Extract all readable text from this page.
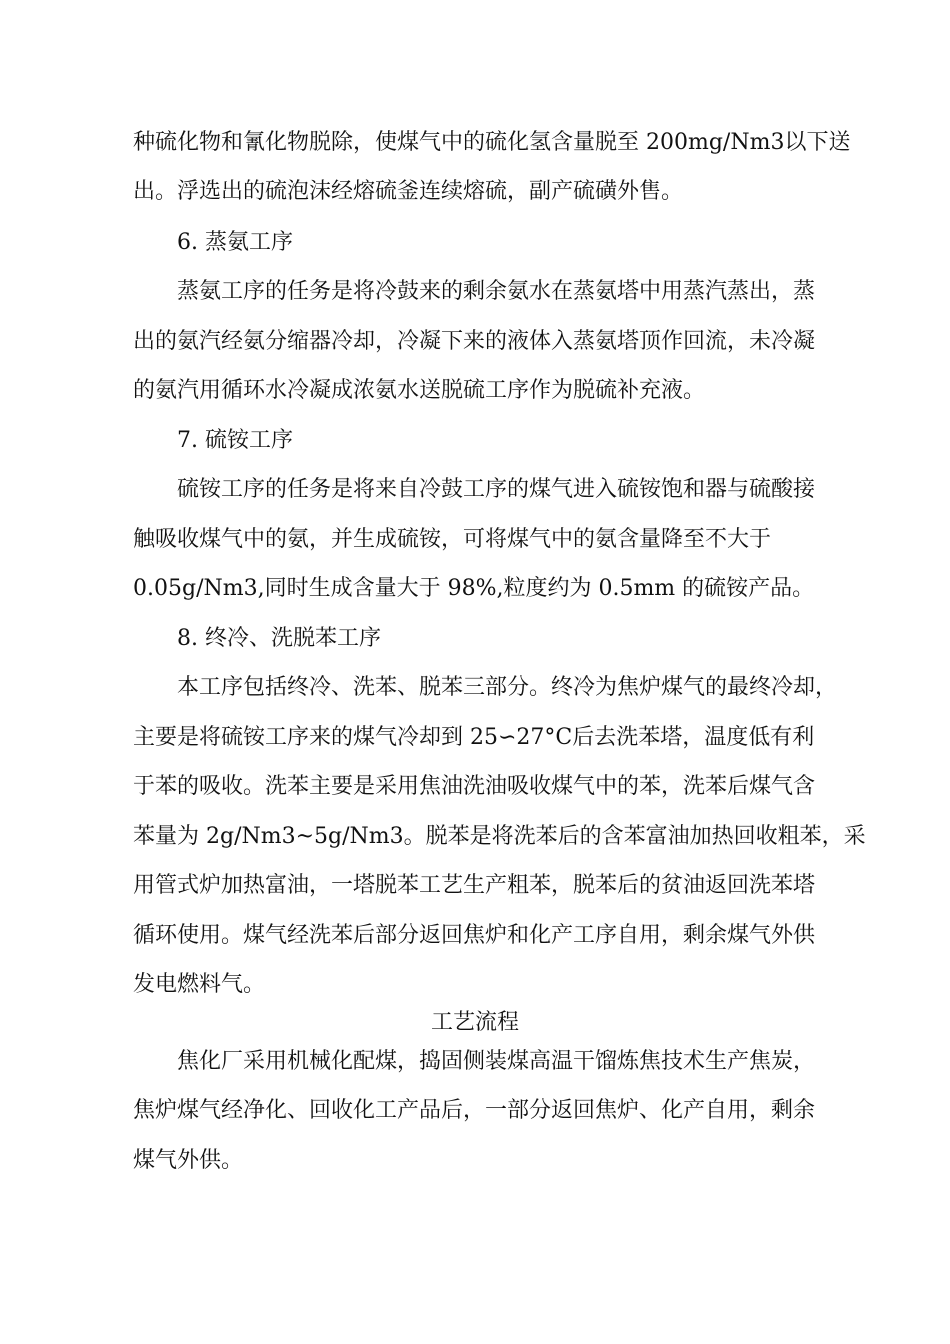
种硫化物和氰化物脱除，使煤气中的硫化氢含量脱至 200mg/Nm3以下送
出。浮选出的硫泡沫经熔硫釜连续熔硫，副产硫磺外售。
6. 蒸氨工序
蒸氨工序的任务是将冷鼓来的剩余氨水在蒸氨塔中用蒸汽蒸出，蒸
出的氨汽经氨分缩器冷却，冷凝下来的液体入蒸氨塔顶作回流，未冷凝
的氨汽用循环水冷凝成浓氨水送脱硫工序作为脱硫补充液。
7. 硫铵工序
硫铵工序的任务是将来自冷鼓工序的煤气进入硫铵饱和器与硫酸接
触吸收煤气中的氨，并生成硫铵，可将煤气中的氨含量降至不大于
0.05g/Nm3,同时生成含量大于 98%,粒度约为 0.5mm 的硫铵产品。
8. 终冷、洗脱苯工序
本工序包括终冷、洗苯、脱苯三部分。终冷为焦炉煤气的最终冷却，
主要是将硫铵工序来的煤气冷却到 25∽27°C后去洗苯塔，温度低有利
于苯的吸收。洗苯主要是采用焦油洗油吸收煤气中的苯，洗苯后煤气含
苯量为 2g/Nm3~5g/Nm3。脱苯是将洗苯后的含苯富油加热回收粗苯，采
用管式炉加热富油，一塔脱苯工艺生产粗苯，脱苯后的贫油返回洗苯塔
循环使用。煤气经洗苯后部分返回焦炉和化产工序自用，剩余煤气外供
发电燃料气。
工艺流程
焦化厂采用机械化配煤，捣固侧装煤高温干馏炼焦技术生产焦炭，
焦炉煤气经净化、回收化工产品后，一部分返回焦炉、化产自用，剩余
煤气外供。
